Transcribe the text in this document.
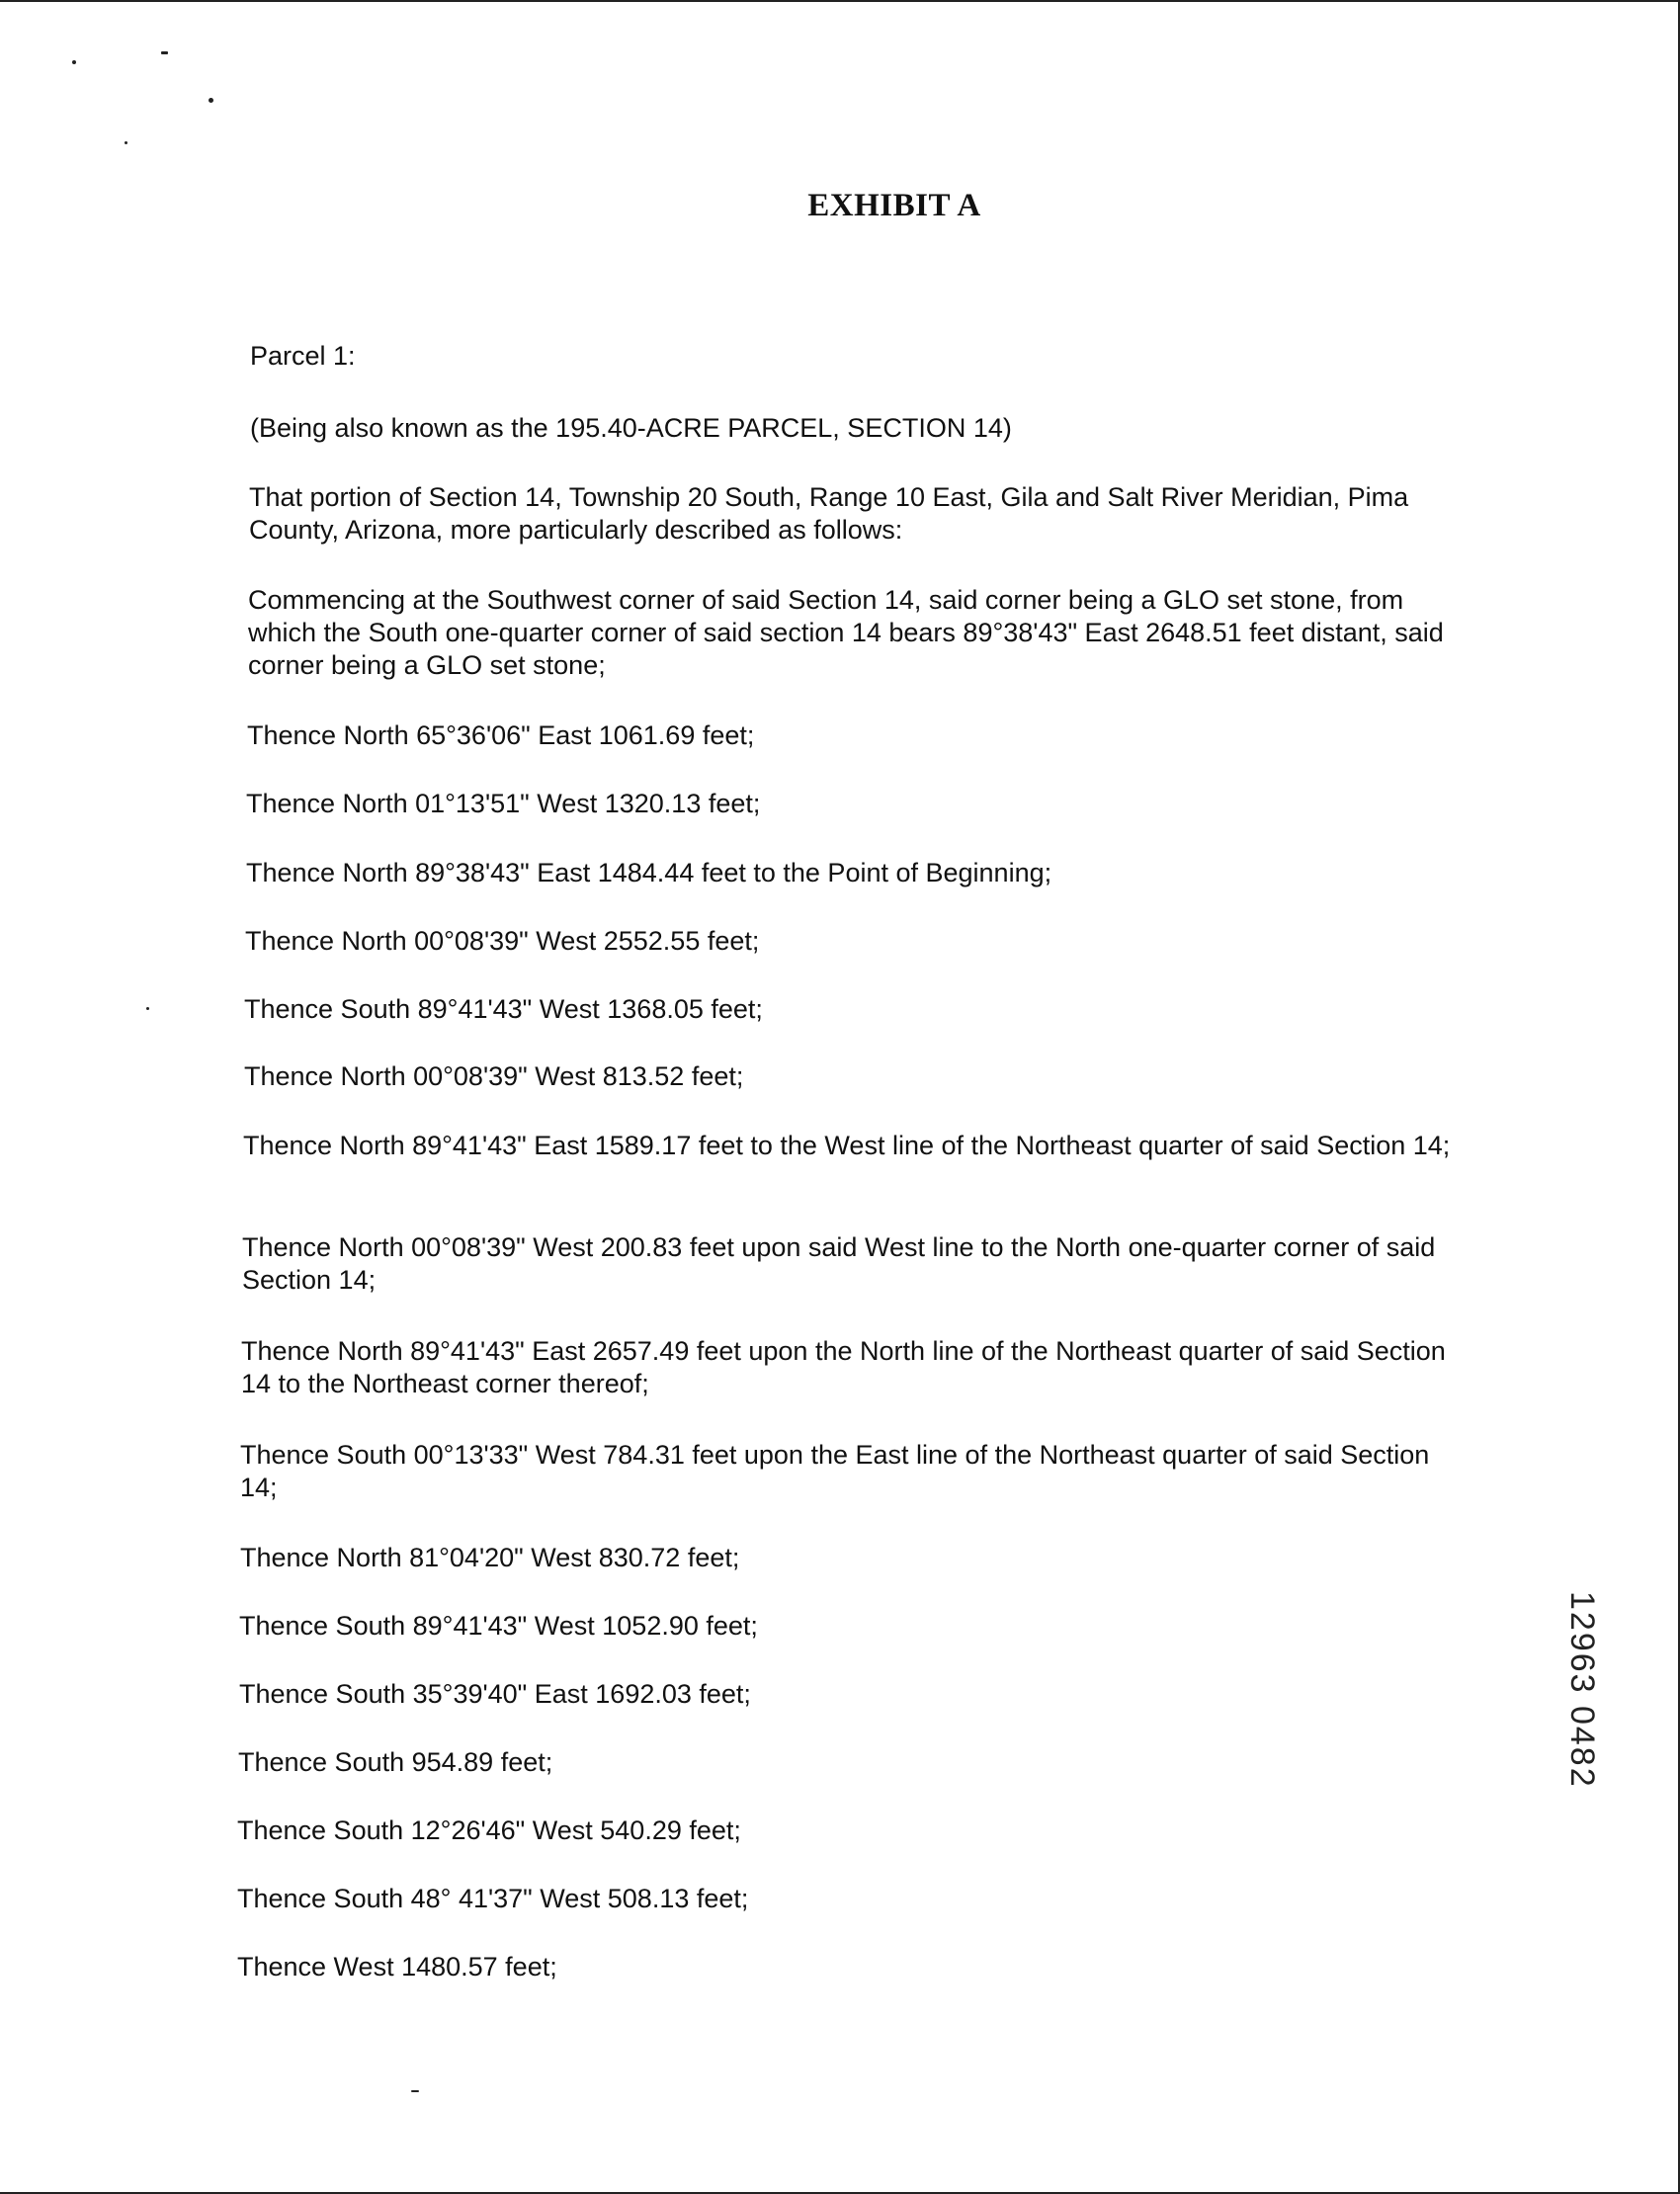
EXHIBIT A

Parcel 1:

(Being also known as the 195.40-ACRE PARCEL, SECTION 14)

That portion of Section 14, Township 20 South, Range 10 East, Gila and Salt River Meridian, Pima County, Arizona, more particularly described as follows:

Commencing at the Southwest corner of said Section 14, said corner being a GLO set stone, from which the South one-quarter corner of said section 14 bears 89°38'43" East 2648.51 feet distant, said corner being a GLO set stone;

Thence North 65°36'06" East 1061.69 feet;

Thence North 01°13'51" West 1320.13 feet;

Thence North 89°38'43" East 1484.44 feet to the Point of Beginning;

Thence North 00°08'39" West 2552.55 feet;

Thence South 89°41'43" West 1368.05 feet;

Thence North 00°08'39" West 813.52 feet;

Thence North 89°41'43" East 1589.17 feet to the West line of the Northeast quarter of said Section 14;

Thence North 00°08'39" West 200.83 feet upon said West line to the North one-quarter corner of said Section 14;

Thence North 89°41'43" East 2657.49 feet upon the North line of the Northeast quarter of said Section 14 to the Northeast corner thereof;

Thence South 00°13'33" West 784.31 feet upon the East line of the Northeast quarter of said Section 14;

Thence North 81°04'20" West 830.72 feet;

Thence South 89°41'43" West 1052.90 feet;

Thence South 35°39'40" East 1692.03 feet;

Thence South 954.89 feet;

Thence South 12°26'46" West 540.29 feet;

Thence South 48° 41'37" West 508.13 feet;

Thence West 1480.57 feet;

12963 0482
